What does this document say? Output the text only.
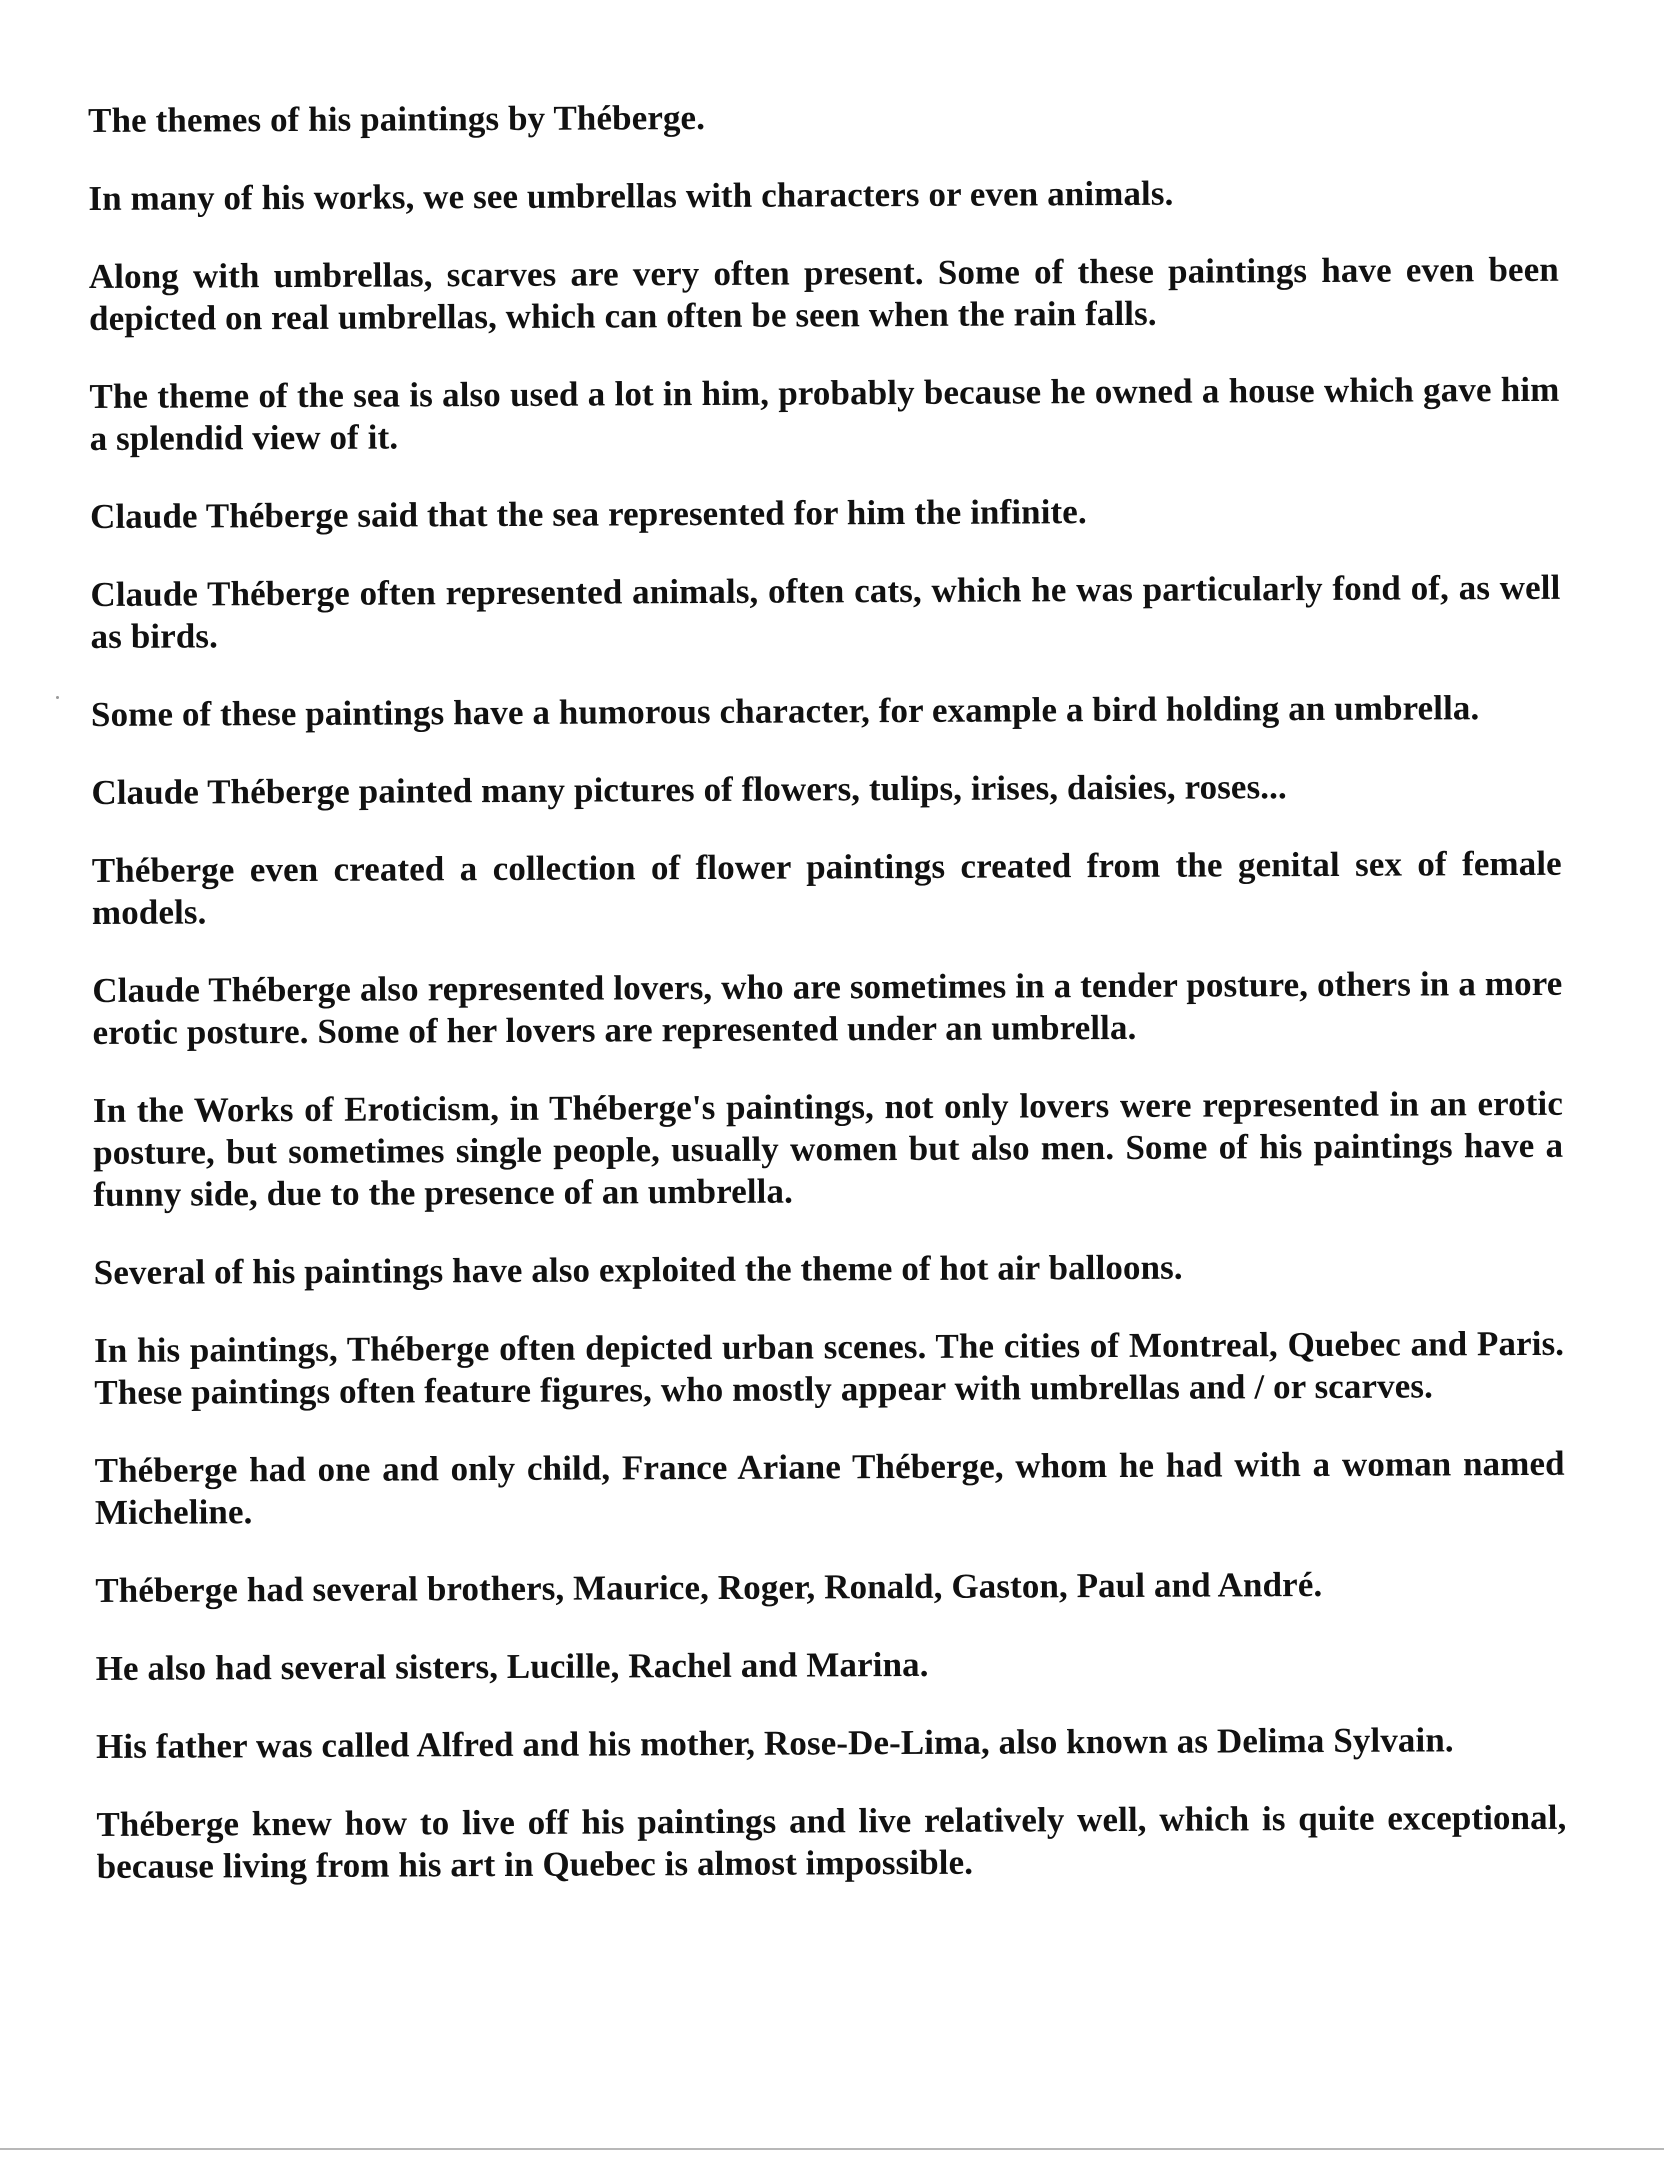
The themes of his paintings by Théberge.

In many of his works, we see umbrellas with characters or even animals.

Along with umbrellas, scarves are very often present. Some of these paintings have even been depicted on real umbrellas, which can often be seen when the rain falls.

The theme of the sea is also used a lot in him, probably because he owned a house which gave him a splendid view of it.

Claude Théberge said that the sea represented for him the infinite.

Claude Théberge often represented animals, often cats, which he was particularly fond of, as well as birds.

Some of these paintings have a humorous character, for example a bird holding an umbrella.

Claude Théberge painted many pictures of flowers, tulips, irises, daisies, roses...

Théberge even created a collection of flower paintings created from the genital sex of female models.

Claude Théberge also represented lovers, who are sometimes in a tender posture, others in a more erotic posture. Some of her lovers are represented under an umbrella.

In the Works of Eroticism, in Théberge's paintings, not only lovers were represented in an erotic posture, but sometimes single people, usually women but also men. Some of his paintings have a funny side, due to the presence of an umbrella.

Several of his paintings have also exploited the theme of hot air balloons.

In his paintings, Théberge often depicted urban scenes. The cities of Montreal, Quebec and Paris. These paintings often feature figures, who mostly appear with umbrellas and / or scarves.

Théberge had one and only child, France Ariane Théberge, whom he had with a woman named Micheline.

Théberge had several brothers, Maurice, Roger, Ronald, Gaston, Paul and André.

He also had several sisters, Lucille, Rachel and Marina.

His father was called Alfred and his mother, Rose-De-Lima, also known as Delima Sylvain.

Théberge knew how to live off his paintings and live relatively well, which is quite exceptional, because living from his art in Quebec is almost impossible.
